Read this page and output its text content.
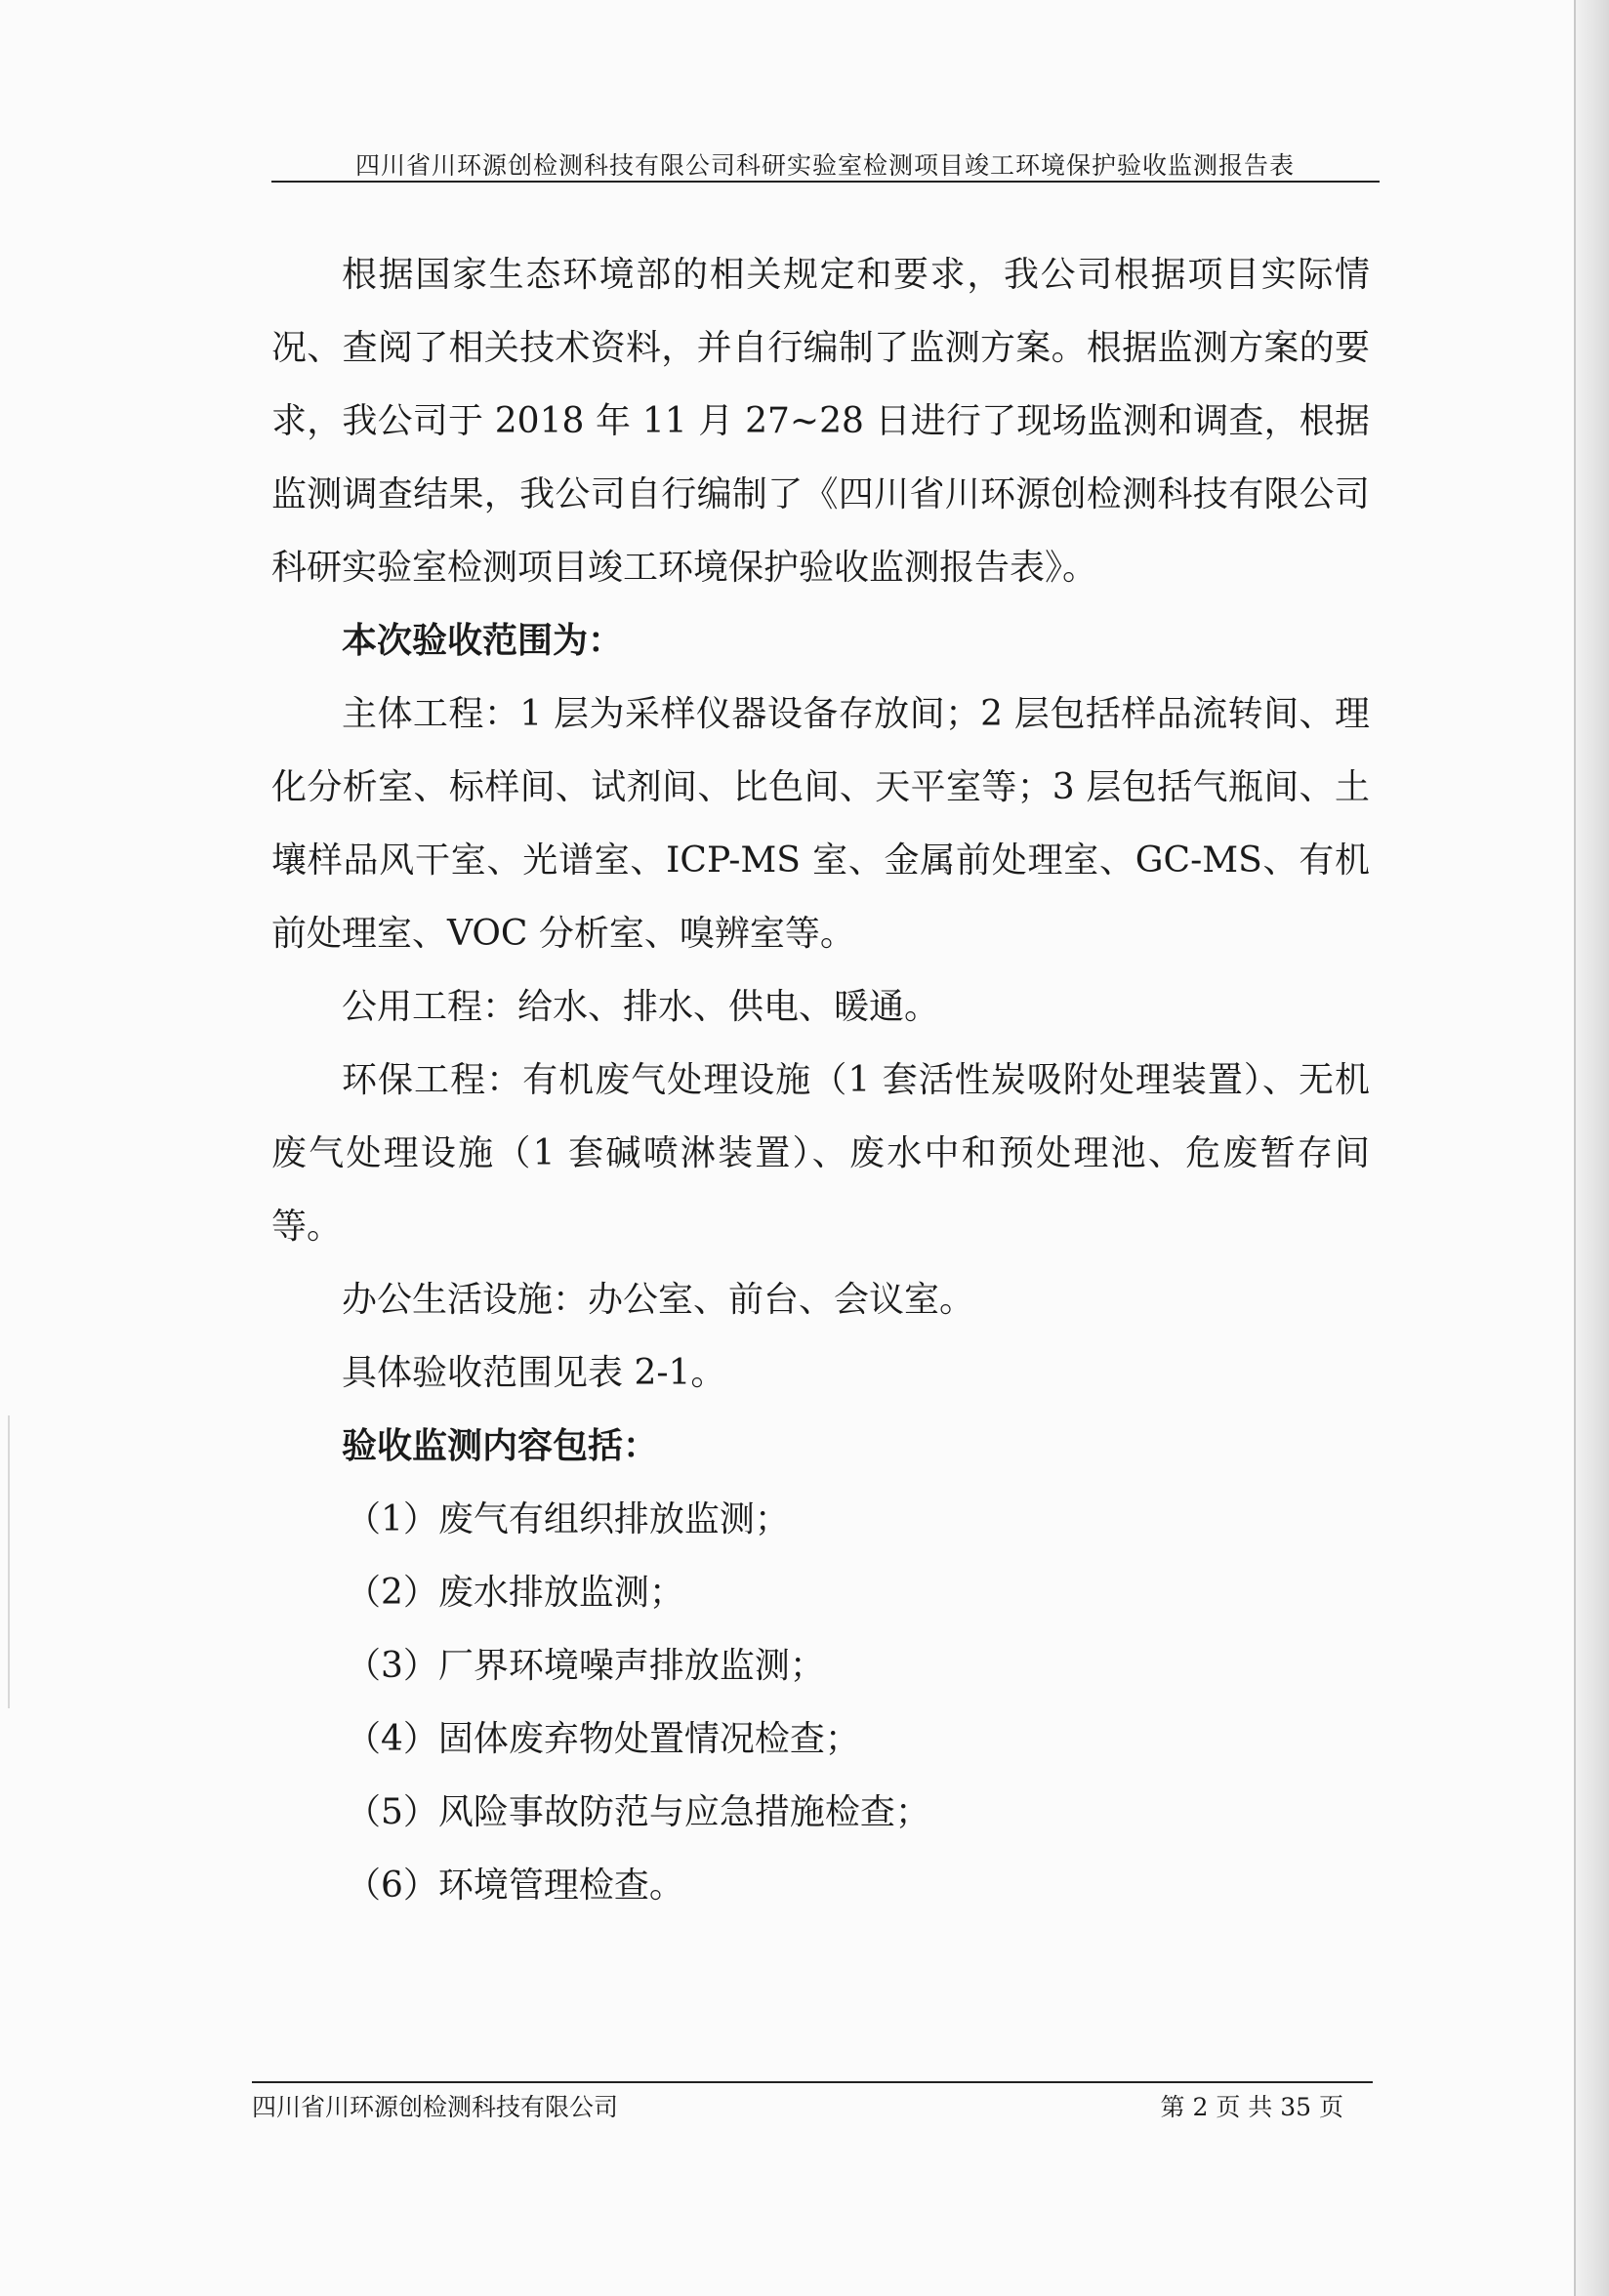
四川省川环源创检测科技有限公司科研实验室检测项目竣工环境保护验收监测报告表

根据国家生态环境部的相关规定和要求，我公司根据项目实际情况、查阅了相关技术资料，并自行编制了监测方案。根据监测方案的要求，我公司于 2018 年 11 月 27~28 日进行了现场监测和调查，根据监测调查结果，我公司自行编制了《四川省川环源创检测科技有限公司科研实验室检测项目竣工环境保护验收监测报告表》。

本次验收范围为：

主体工程：1 层为采样仪器设备存放间；2 层包括样品流转间、理化分析室、标样间、试剂间、比色间、天平室等；3 层包括气瓶间、土壤样品风干室、光谱室、ICP-MS 室、金属前处理室、GC-MS、有机前处理室、VOC 分析室、嗅辨室等。

公用工程：给水、排水、供电、暖通。

环保工程：有机废气处理设施（1 套活性炭吸附处理装置）、无机废气处理设施（1 套碱喷淋装置）、废水中和预处理池、危废暂存间等。

办公生活设施：办公室、前台、会议室。

具体验收范围见表 2-1。

验收监测内容包括：

（1）废气有组织排放监测；

（2）废水排放监测；

（3）厂界环境噪声排放监测；

（4）固体废弃物处置情况检查；

（5）风险事故防范与应急措施检查；

（6）环境管理检查。

四川省川环源创检测科技有限公司	第 2 页 共 35 页
